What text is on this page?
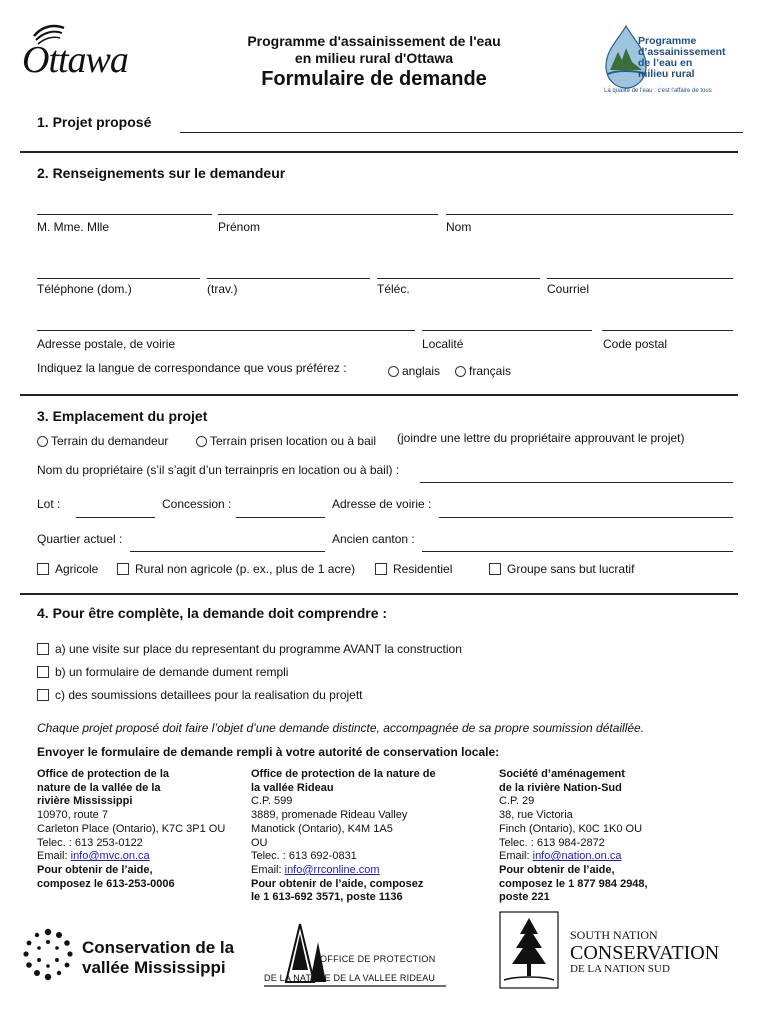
Ottawa	Programme d'assainissement de l'eau
en milieu rural d'Ottawa
Formulaire de demande
Programme
d’assainissement
de l’eau en
milieu rural
La qualité de l'eau : c'est l'affaire de tous
1. Projet proposé
2. Renseignements sur le demandeur
M. Mme. Mlle	Prénom	Nom
Téléphone (dom.)	(trav.)	Téléc.	Courriel
Adresse postale, de voirie	Localité	Code postal
Indiquez la langue de correspondance que vous préférez :	anglais	français
3. Emplacement du projet
Terrain du demandeur	Terrain prisen location ou à bail (joindre une lettre du propriétaire approuvant le projet)
Nom du propriétaire (s’il s’agit d’un terrainpris en location ou à bail) :
Lot :	Concession :	Adresse de voirie :
Quartier actuel :	Ancien canton :
Agricole	Rural non agricole (p. ex., plus de 1 acre)	Residentiel	Groupe sans but lucratif
4. Pour être complète, la demande doit comprendre :
a) une visite sur place du representant du programme AVANT la construction
b) un formulaire de demande dument rempli
c) des soumissions detaillees pour la realisation du projett
Chaque projet proposé doit faire l’objet d’une demande distincte, accompagnée de sa propre soumission détaillée.
Envoyer le formulaire de demande rempli à votre autorité de conservation locale:
Office de protection de la
nature de la vallée de la
rivière Mississippi
10970, route 7
Carleton Place (Ontario), K7C 3P1 OU
Telec. : 613 253-0122
Email: info@mvc.on.ca
Pour obtenir de l’aide,
composez le 613-253-0006
Office de protection de la nature de
la vallée Rideau
C.P. 599
3889, promenade Rideau Valley
Manotick (Ontario), K4M 1A5
OU
Telec. : 613 692-0831
Email: info@rrconline.com
Pour obtenir de l’aide, composez
le 1 613-692 3571, poste 1136
Société d’aménagement
de la rivière Nation-Sud
C.P. 29
38, rue Victoria
Finch (Ontario), K0C 1K0 OU
Telec. : 613 984-2872
Email: info@nation.on.ca
Pour obtenir de l’aide,
composez le 1 877 984 2948,
poste 221
Conservation de la
vallée Mississippi	OFFICE DE PROTECTION
DE LA NATURE DE LA VALLEE RIDEAU
SOUTH NATION
CONSERVATION
DE LA NATION SUD
